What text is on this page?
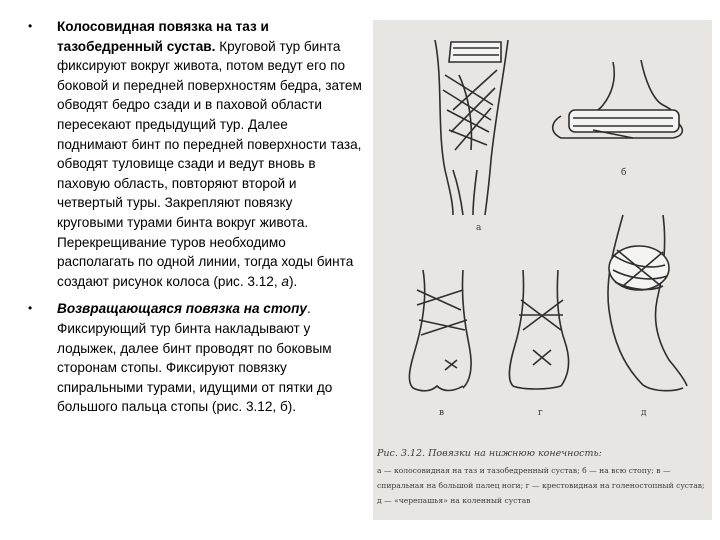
• Колосовидная повязка на таз и тазобедренный сустав. Круговой тур бинта фиксируют вокруг живота, потом ведут его по боковой и передней поверхностям бедра, затем обводят бедро сзади и в паховой области пересекают предыдущий тур. Далее поднимают бинт по передней поверхности таза, обводят туловище сзади и ведут вновь в паховую область, повторяют второй и четвертый туры. Закрепляют повязку круговыми турами бинта вокруг живота. Перекрещивание туров необходимо располагать по одной линии, тогда ходы бинта создают рисунок колоса (рис. 3.12, а).
• Возвращающаяся повязка на стопу. Фиксирующий тур бинта накладывают у лодыжек, далее бинт проводят по боковым сторонам стопы. Фиксируют повязку спиральными турами, идущими от пятки до большого пальца стопы (рис. 3.12, б).
а
б
в	г	д
Рис. 3.12. Повязки на нижнюю конечность:
а — колосовидная на таз и тазобедренный сустав; б — на всю стопу; в —
спиральная на большой палец ноги; г — крестовидная на голеностопный сустав;
д — «черепашья» на коленный сустав
